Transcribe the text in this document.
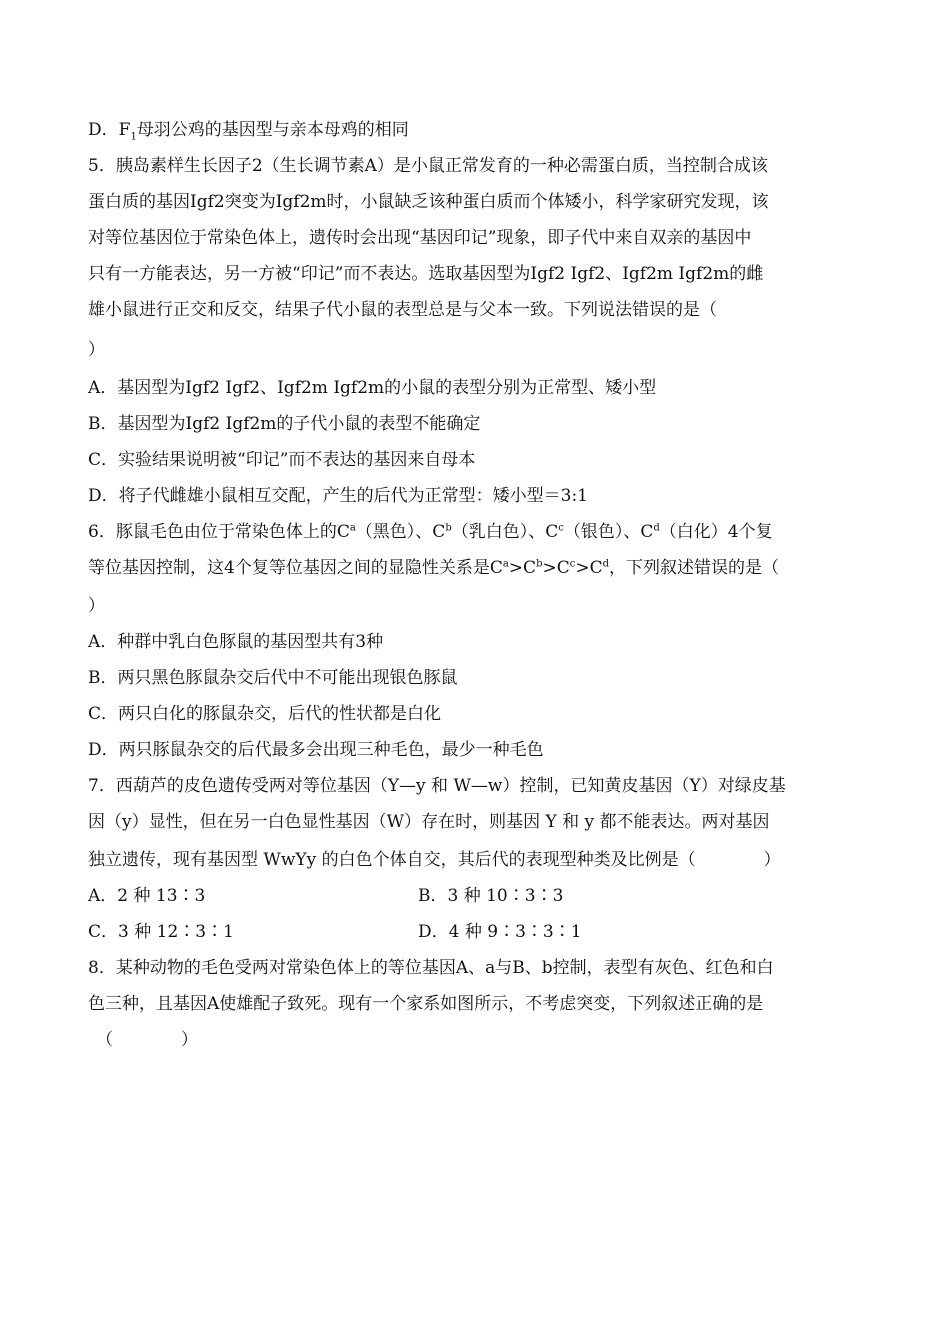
D．$F_1$母羽公鸡的基因型与亲本母鸡的相同
5．胰岛素样生长因子2（生长调节素A）是小鼠正常发育的一种必需蛋白质，当控制合成该
蛋白质的基因Igf2突变为Igf2m时，小鼠缺乏该种蛋白质而个体矮小，科学家研究发现，该
对等位基因位于常染色体上，遗传时会出现“基因印记”现象，即子代中来自双亲的基因中
只有一方能表达，另一方被“印记”而不表达。选取基因型为Igf2 Igf2、Igf2m Igf2m的雌
雄小鼠进行正交和反交，结果子代小鼠的表型总是与父本一致。下列说法错误的是（
）
A．基因型为Igf2 Igf2、Igf2m Igf2m的小鼠的表型分别为正常型、矮小型
B．基因型为Igf2 Igf2m的子代小鼠的表型不能确定
C．实验结果说明被“印记”而不表达的基因来自母本
D．将子代雌雄小鼠相互交配，产生的后代为正常型：矮小型＝3:1
6．豚鼠毛色由位于常染色体上的$C^a$（黑色）、$C^b$（乳白色）、$C^c$（银色）、$C^d$（白化）4个复
等位基因控制，这4个复等位基因之间的显隐性关系是$C^a>C^b>C^c>C^d$，下列叙述错误的是（
）
A．种群中乳白色豚鼠的基因型共有3种
B．两只黑色豚鼠杂交后代中不可能出现银色豚鼠
C．两只白化的豚鼠杂交，后代的性状都是白化
D．两只豚鼠杂交的后代最多会出现三种毛色，最少一种毛色
7．西葫芦的皮色遗传受两对等位基因（Y—y 和 W—w）控制，已知黄皮基因（Y）对绿皮基
因（y）显性，但在另一白色显性基因（W）存在时，则基因 Y 和 y 都不能表达。两对基因
独立遗传，现有基因型 WwYy 的白色个体自交，其后代的表现型种类及比例是（　　　　）
A．2 种 13∶3	B．3 种 10∶3∶3
C．3 种 12∶3∶1	D．4 种 9∶3∶3∶1
8．某种动物的毛色受两对常染色体上的等位基因A、a与B、b控制，表型有灰色、红色和白
色三种，且基因A使雄配子致死。现有一个家系如图所示，不考虑突变，下列叙述正确的是
（　　　　）
